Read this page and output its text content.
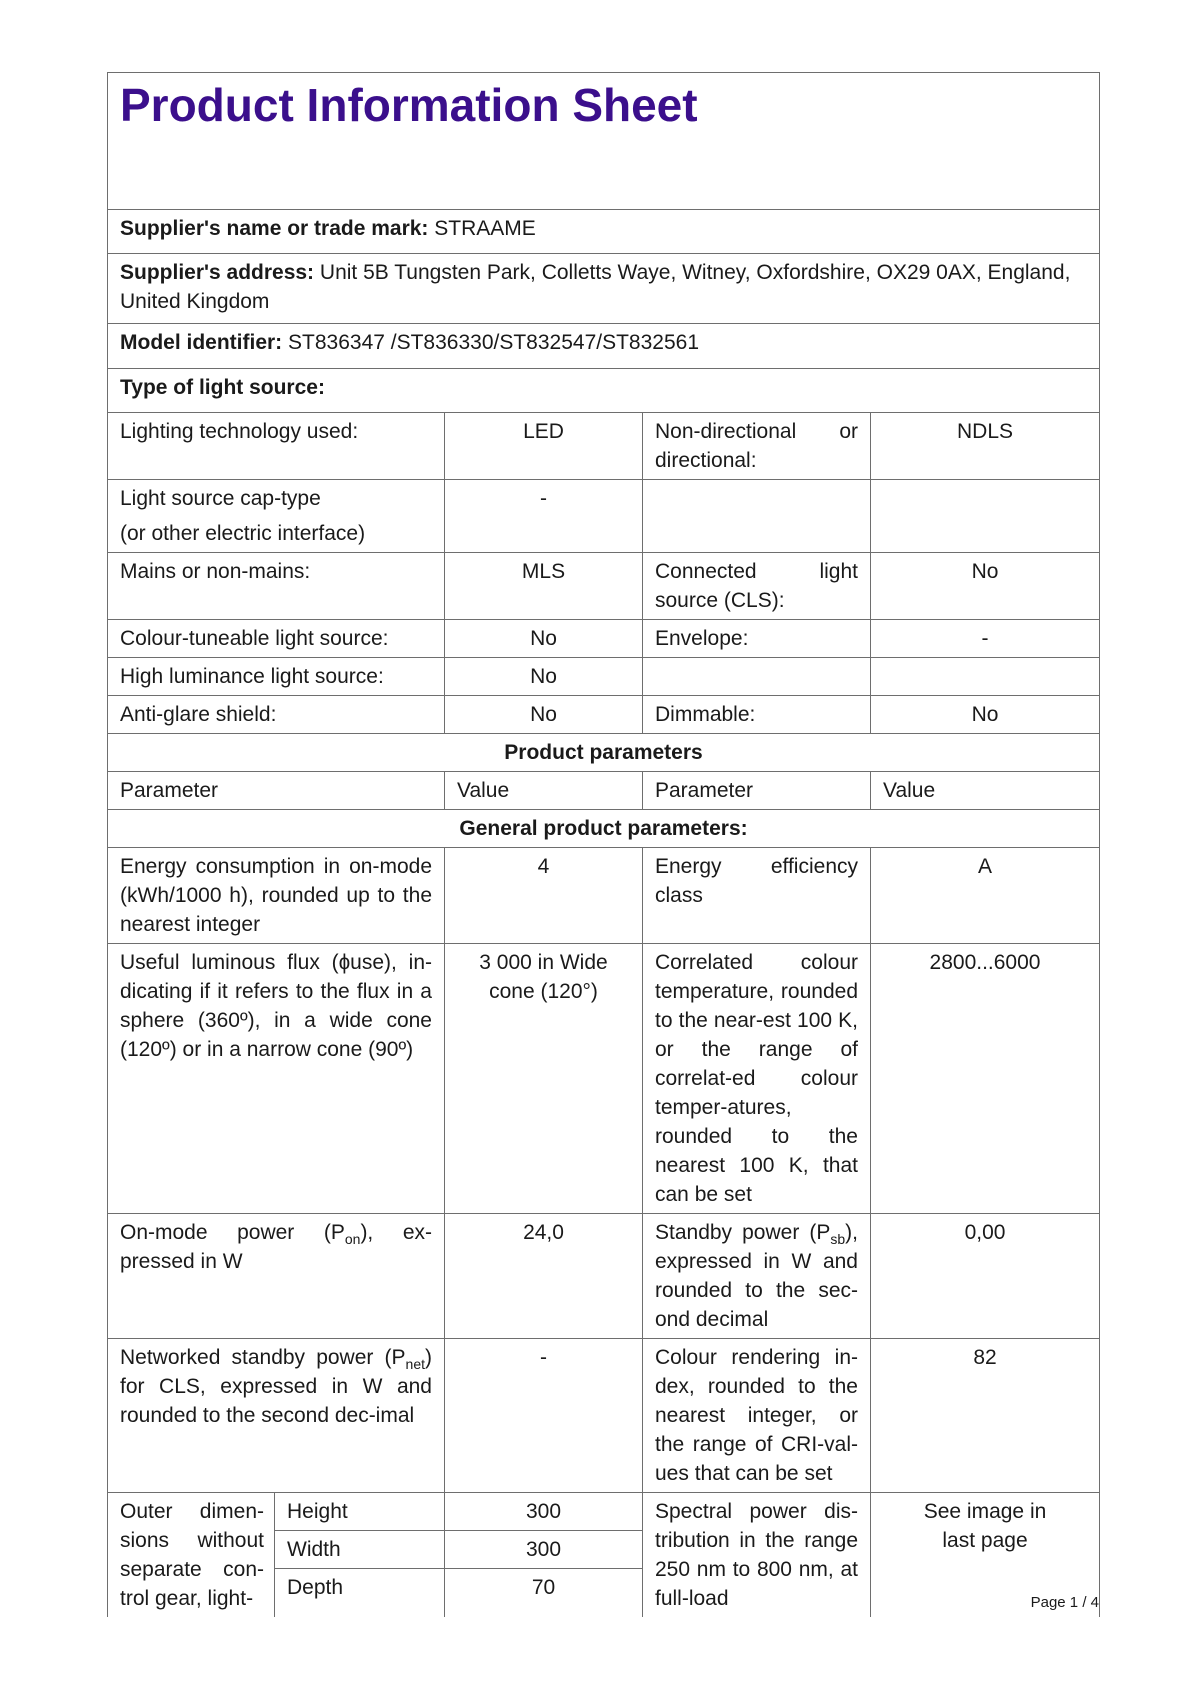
Product Information Sheet				

Supplier's name or trade mark: STRAAME				
Supplier's address: Unit 5B Tungsten Park, Colletts Waye, Witney, Oxfordshire, OX29 0AX, England, United Kingdom				
Model identifier: ST836347 /ST836330/ST832547/ST832561				
Type of light source:				
Lighting technology used:		LED	Non-directional or directional:	NDLS

Light source cap-type
(or other electric interface)		-		
Mains or non-mains:		MLS	Connected light source (CLS):	No
Colour-tuneable light source:		No	Envelope:	-
High luminance light source:		No		
Anti-glare shield:		No	Dimmable:	No
Product parameters				
Parameter		Value	Parameter	Value
General product parameters:				
Energy consumption in on-mode (kWh/1000 h), rounded up to the nearest integer		4	Energy efficiency class	A
Useful luminous flux (ɸuse), in-dicating if it refers to the flux in a sphere (360º), in a wide cone (120º) or in a narrow cone (90º)		3 000 in Wide cone (120°)	Correlated colour temperature, rounded to the near-est 100 K, or the range of correlat-ed colour temper-atures, rounded to the nearest 100 K, that can be set	2800...6000
On-mode power $(P_{on})$, ex-pressed in W		24,0	Standby power $(P_{sb})$, expressed in W and rounded to the sec-ond decimal	0,00
Networked standby power $(P_{net})$ for CLS, expressed in W and rounded to the second dec-imal		-	Colour rendering in-dex, rounded to the nearest integer, or the range of CRI-val-ues that can be set	82
Outer dimen-sions without separate con-trol gear, light-	Height	300	Spectral power dis-tribution in the range 250 nm to 800 nm, at full-load	See image in last page
	Width	300		
	Depth	70		
Page 1 / 4
